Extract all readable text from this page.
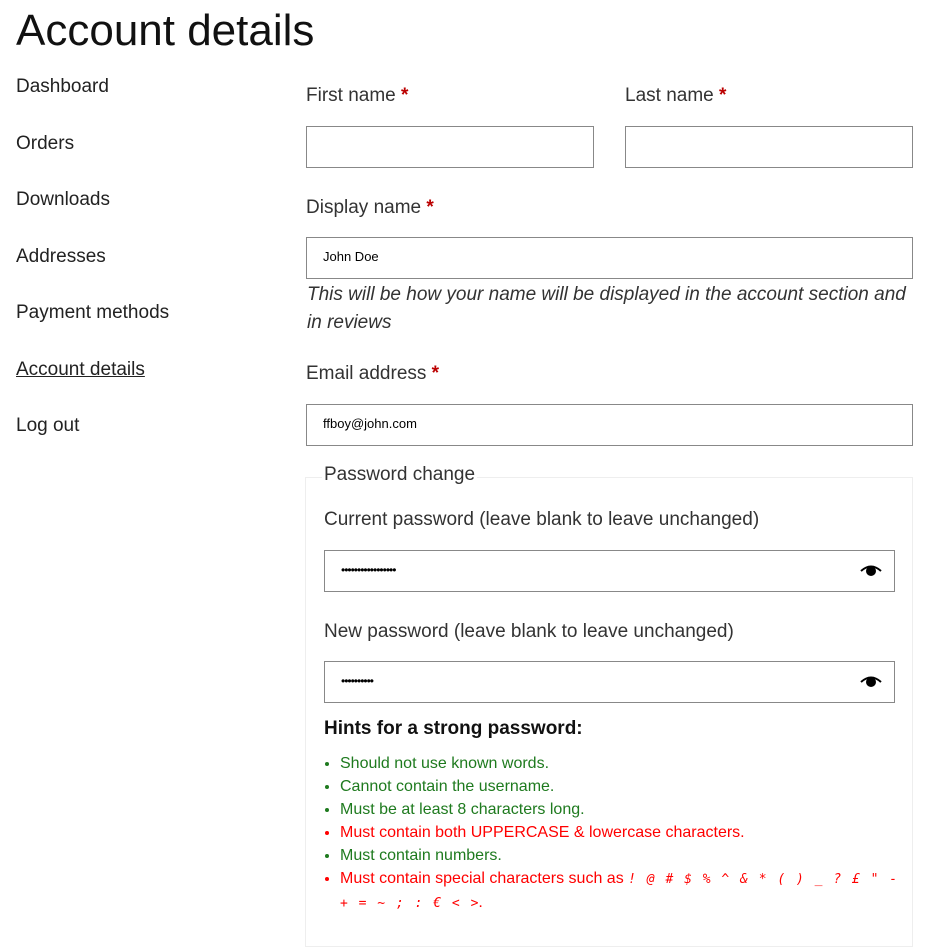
Account details
Dashboard
Orders
Downloads
Addresses
Payment methods
Account details
Log out
First name *	Last name *
Display name *
John Doe
This will be how your name will be displayed in the account section and in reviews
Email address *
ffboy@john.com
Password change
Current password (leave blank to leave unchanged)
•••••••••••••••••
New password (leave blank to leave unchanged)
••••••••••
Hints for a strong password:
• Should not use known words.
• Cannot contain the username.
• Must be at least 8 characters long.
• Must contain both UPPERCASE & lowercase characters.
• Must contain numbers.
• Must contain special characters such as ! @ # $ % ^ & * ( ) _ ? £ " - + = ~ ; : € < >.
